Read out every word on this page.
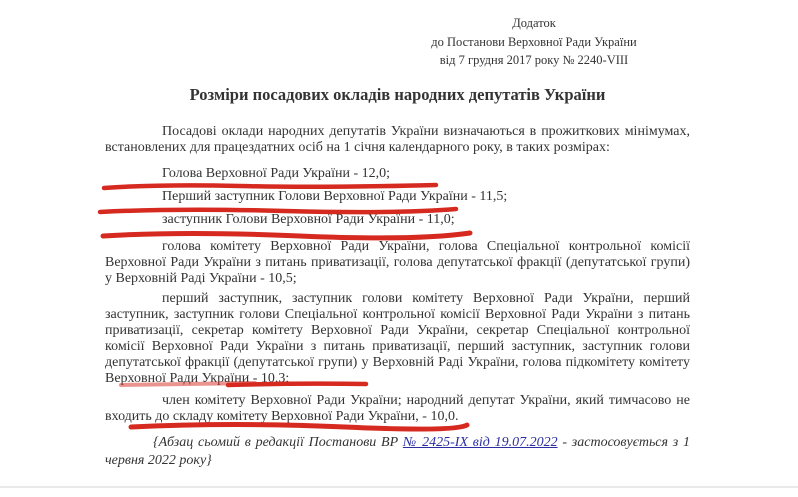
Додаток
до Постанови Верховної Ради України
від 7 грудня 2017 року № 2240-VIII
Розміри посадових окладів народних депутатів України

Посадові оклади народних депутатів України визначаються в прожиткових мінімумах, встановлених для працездатних осіб на 1 січня календарного року, в таких розмірах:

Голова Верховної Ради України - 12,0;

Перший заступник Голови Верховної Ради України - 11,5;

заступник Голови Верховної Ради України - 11,0;

голова комітету Верховної Ради України, голова Спеціальної контрольної комісії Верховної Ради України з питань приватизації, голова депутатської фракції (депутатської групи) у Верховній Раді України - 10,5;

перший заступник, заступник голови комітету Верховної Ради України, перший заступник, заступник голови Спеціальної контрольної комісії Верховної Ради України з питань приватизації, секретар комітету Верховної Ради України, секретар Спеціальної контрольної комісії Верховної Ради України з питань приватизації, перший заступник, заступник голови депутатської фракції (депутатської групи) у Верховній Раді України, голова підкомітету комітету Верховної Ради України - 10,3;

член комітету Верховної Ради України; народний депутат України, який тимчасово не входить до складу комітету Верховної Ради України, - 10,0.

{Абзац сьомий в редакції Постанови ВР № 2425-IX від 19.07.2022 - застосовується з 1 червня 2022 року}
